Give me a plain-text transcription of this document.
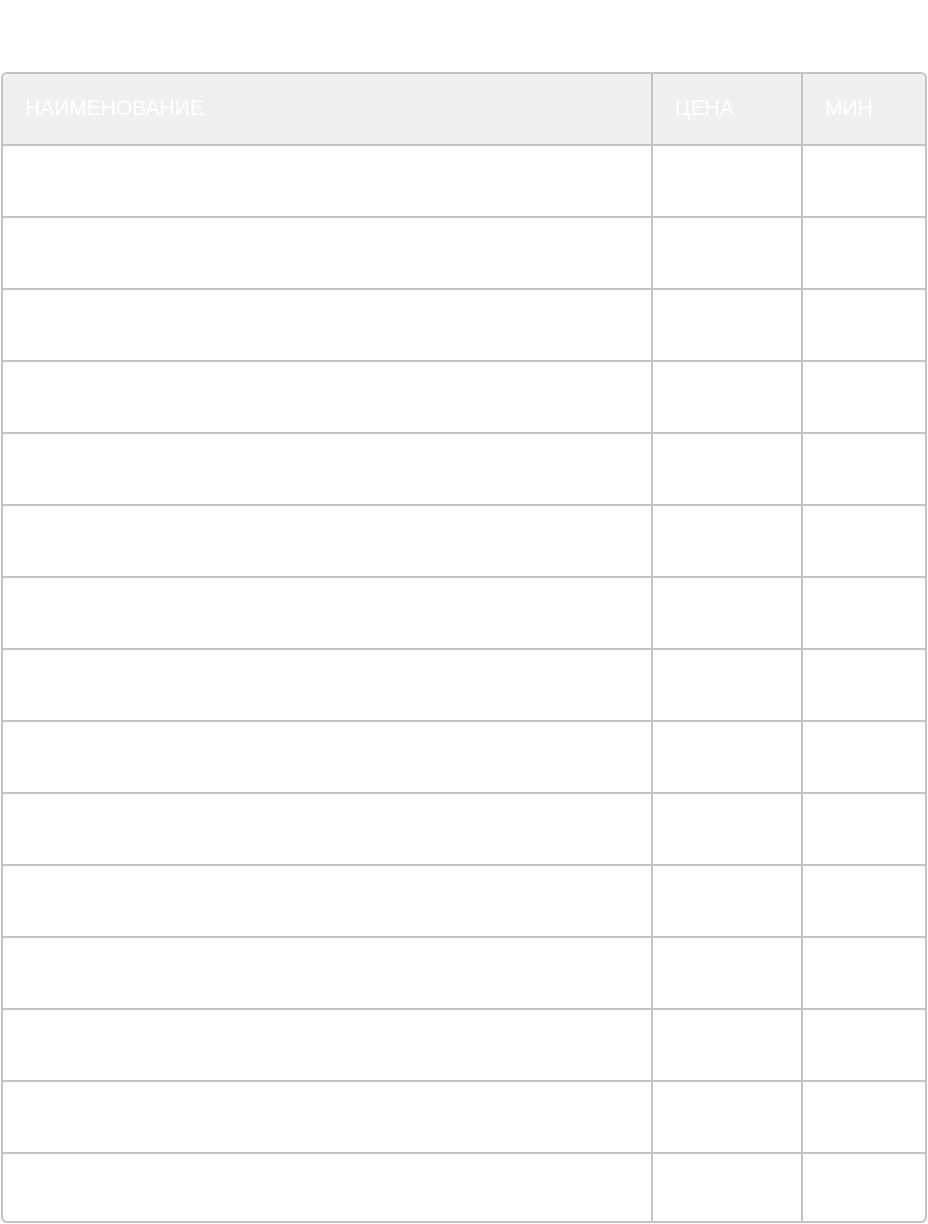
НАИМЕНОВАНИЕ	ЦЕНА	МИН
